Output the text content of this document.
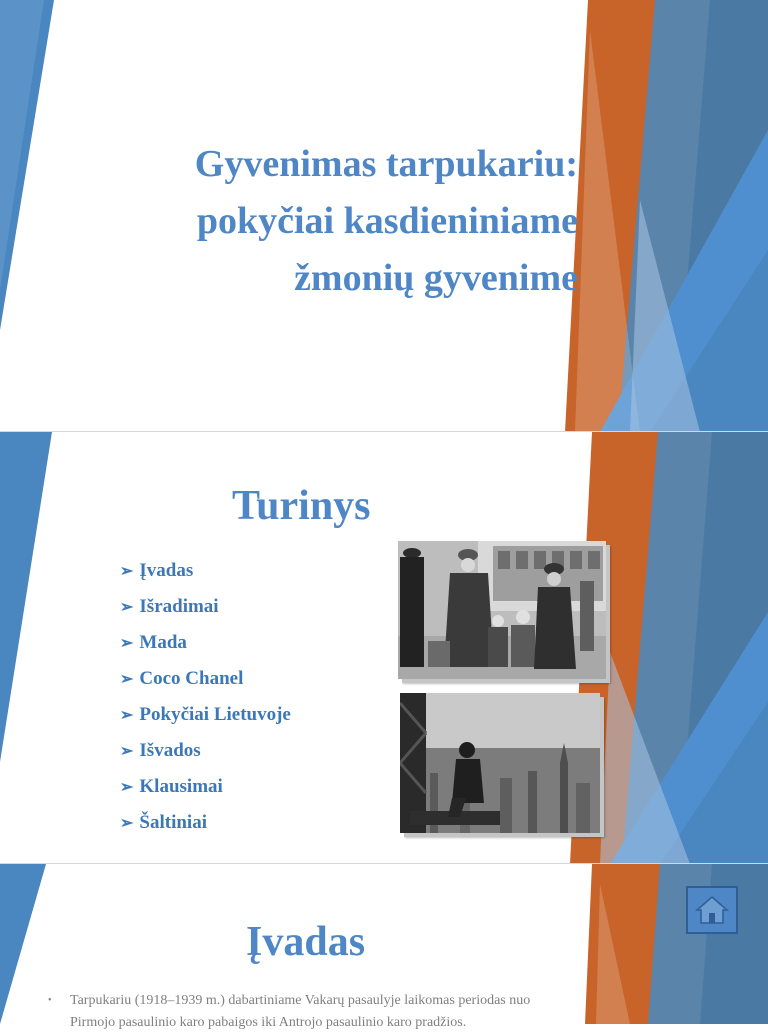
Gyvenimas tarpukariu:
pokyčiai kasdieniniame
žmonių gyvenime
Turinys
➢ Įvadas
➢ Išradimai
➢ Mada
➢ Coco Chanel
➢ Pokyčiai Lietuvoje
➢ Išvados
➢ Klausimai
➢ Šaltiniai
Įvadas
• Tarpukariu (1918–1939 m.) dabartiniame Vakarų pasaulyje laikomas periodas nuo Pirmojo pasaulinio karo pabaigos iki Antrojo pasaulinio karo pradžios.
